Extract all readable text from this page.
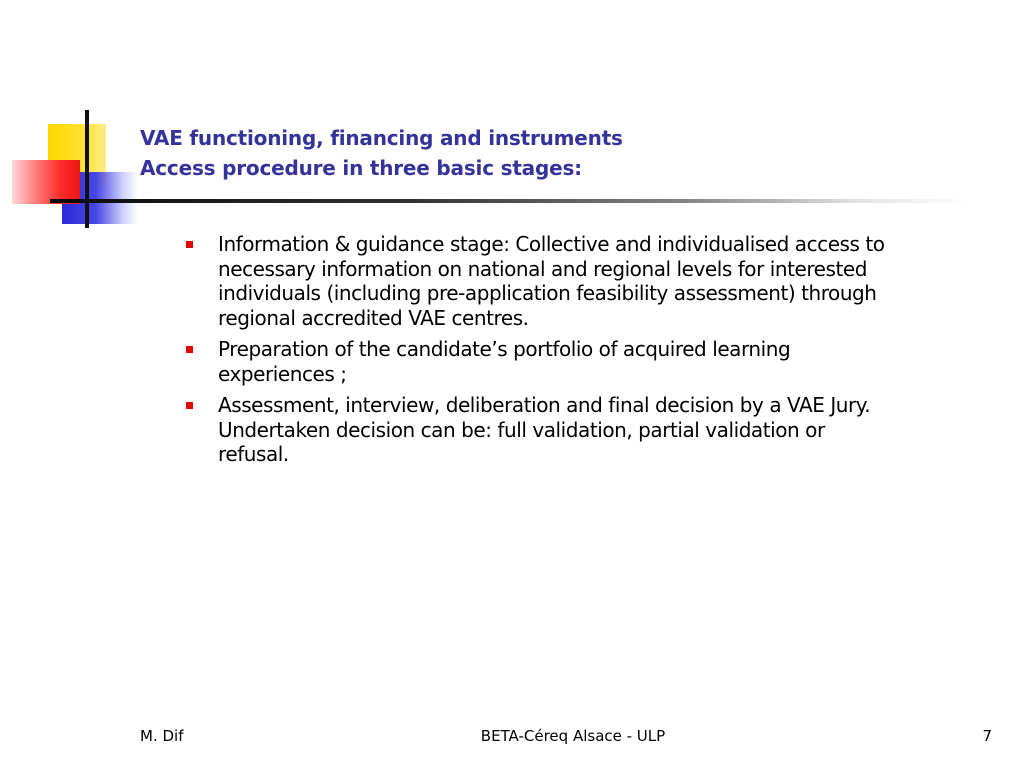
VAE functioning, financing and instruments
Access procedure in three basic stages:
Information & guidance stage: Collective and individualised access to necessary information on national and regional levels for interested individuals (including pre-application feasibility assessment) through regional accredited VAE centres.
Preparation of the candidate’s portfolio of acquired learning experiences ;
Assessment, interview, deliberation and final decision by a VAE Jury. Undertaken decision can be: full validation, partial validation or refusal.
M. Dif	BETA-Céreq Alsace - ULP	7
